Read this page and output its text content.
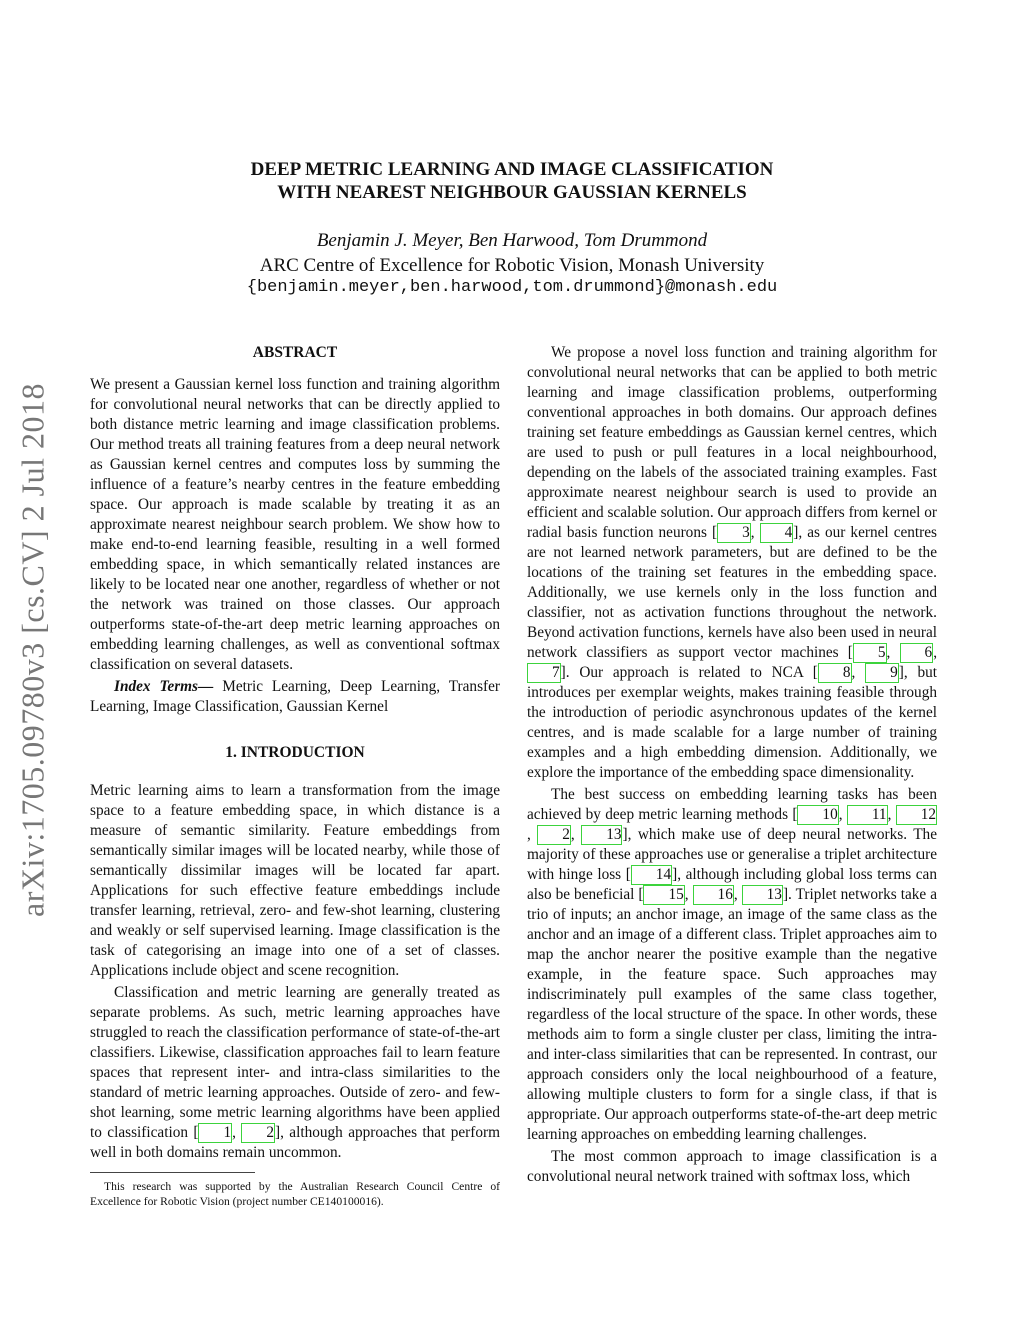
arXiv:1705.09780v3 [cs.CV] 2 Jul 2018
DEEP METRIC LEARNING AND IMAGE CLASSIFICATION
WITH NEAREST NEIGHBOUR GAUSSIAN KERNELS
Benjamin J. Meyer, Ben Harwood, Tom Drummond
ARC Centre of Excellence for Robotic Vision, Monash University
{benjamin.meyer,ben.harwood,tom.drummond}@monash.edu
ABSTRACT

We present a Gaussian kernel loss function and training algorithm for convolutional neural networks that can be directly applied to both distance metric learning and image classification problems. Our method treats all training features from a deep neural network as Gaussian kernel centres and computes loss by summing the influence of a feature’s nearby centres in the feature embedding space. Our approach is made scalable by treating it as an approximate nearest neighbour search problem. We show how to make end-to-end learning feasible, resulting in a well formed embedding space, in which semantically related instances are likely to be located near one another, regardless of whether or not the network was trained on those classes. Our approach outperforms state-of-the-art deep metric learning approaches on embedding learning challenges, as well as conventional softmax classification on several datasets.

Index Terms— Metric Learning, Deep Learning, Transfer Learning, Image Classification, Gaussian Kernel

1. INTRODUCTION

Metric learning aims to learn a transformation from the image space to a feature embedding space, in which distance is a measure of semantic similarity. Feature embeddings from semantically similar images will be located nearby, while those of semantically dissimilar images will be located far apart. Applications for such effective feature embeddings include transfer learning, retrieval, zero- and few-shot learning, clustering and weakly or self supervised learning. Image classification is the task of categorising an image into one of a set of classes. Applications include object and scene recognition.

Classification and metric learning are generally treated as separate problems. As such, metric learning approaches have struggled to reach the classification performance of state-of-the-art classifiers. Likewise, classification approaches fail to learn feature spaces that represent inter- and intra-class similarities to the standard of metric learning approaches. Outside of zero- and few-shot learning, some metric learning algorithms have been applied to classification [ 1, 2], although approaches that perform well in both domains remain uncommon.

We propose a novel loss function and training algorithm for convolutional neural networks that can be applied to both metric learning and image classification problems, outperforming conventional approaches in both domains. Our approach defines training set feature embeddings as Gaussian kernel centres, which are used to push or pull features in a local neighbourhood, depending on the labels of the associated training examples. Fast approximate nearest neighbour search is used to provide an efficient and scalable solution. Our approach differs from kernel or radial basis function neurons [ 3, 4], as our kernel centres are not learned network parameters, but are defined to be the locations of the training set features in the embedding space. Additionally, we use kernels only in the loss function and classifier, not as activation functions throughout the network. Beyond activation functions, kernels have also been used in neural network classifiers as support vector machines [ 5, 6, 7]. Our approach is related to NCA [ 8, 9], but introduces per exemplar weights, makes training feasible through the introduction of periodic asynchronous updates of the kernel centres, and is made scalable for a large number of training examples and a high embedding dimension. Additionally, we explore the importance of the embedding space dimensionality.

The best success on embedding learning tasks has been achieved by deep metric learning methods [ 10, 11, 12, 2, 13], which make use of deep neural networks. The majority of these approaches use or generalise a triplet architecture with hinge loss [ 14], although including global loss terms can also be beneficial [ 15, 16, 13]. Triplet networks take a trio of inputs; an anchor image, an image of the same class as the anchor and an image of a different class. Triplet approaches aim to map the anchor nearer the positive example than the negative example, in the feature space. Such approaches may indiscriminately pull examples of the same class together, regardless of the local structure of the space. In other words, these methods aim to form a single cluster per class, limiting the intra- and inter-class similarities that can be represented. In contrast, our approach considers only the local neighbourhood of a feature, allowing multiple clusters to form for a single class, if that is appropriate. Our approach outperforms state-of-the-art deep metric learning approaches on embedding learning challenges.

The most common approach to image classification is a convolutional neural network trained with softmax loss, which

This research was supported by the Australian Research Council Centre of Excellence for Robotic Vision (project number CE140100016).
